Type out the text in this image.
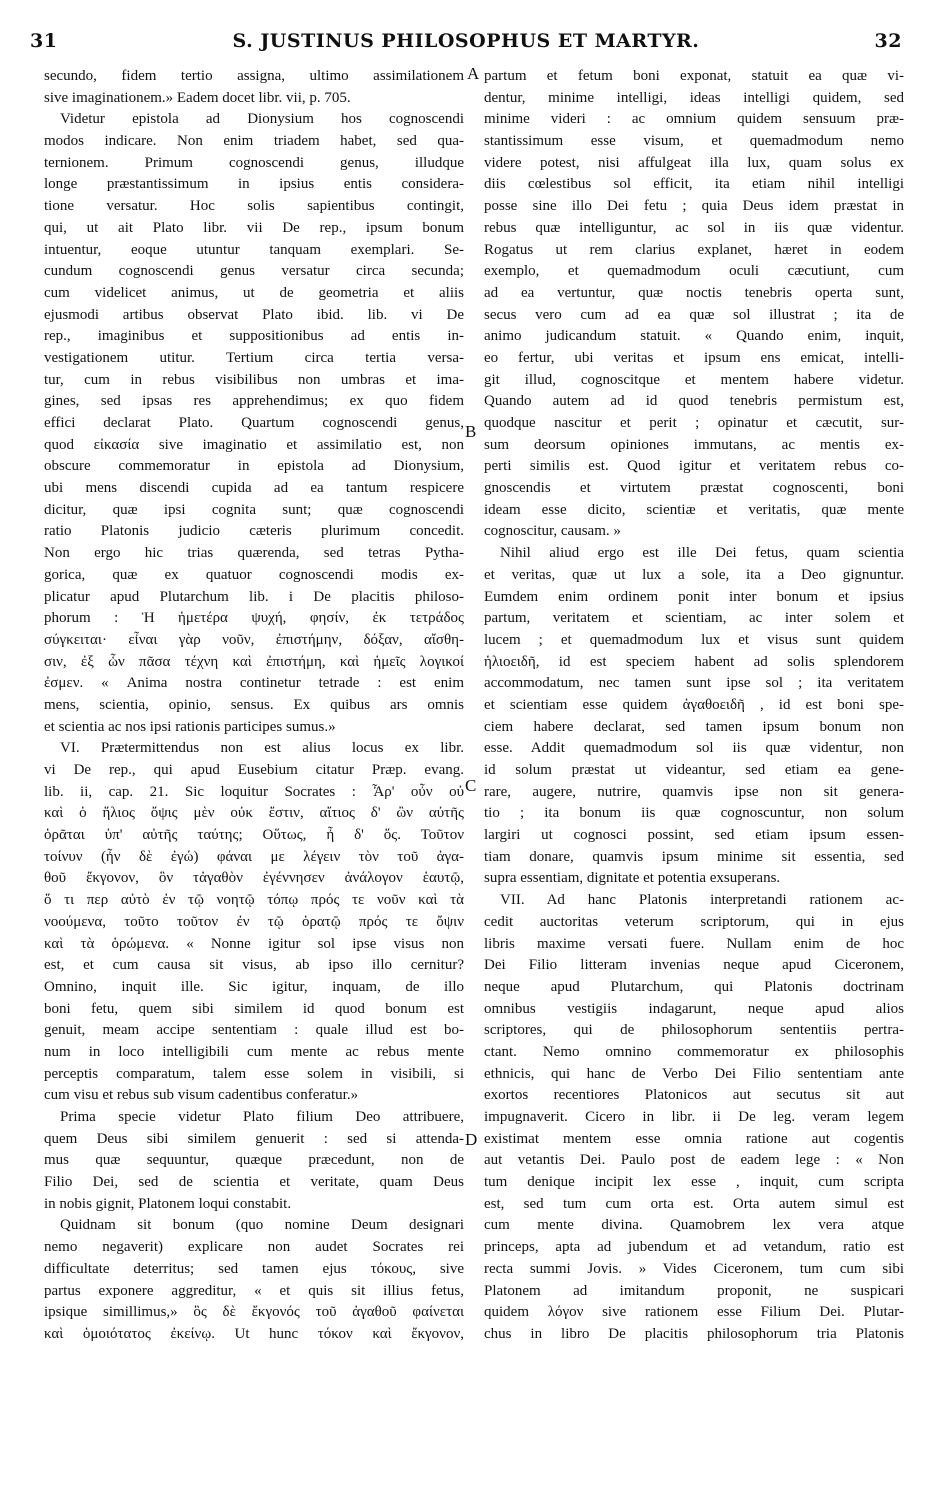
31	S. JUSTINUS PHILOSOPHUS ET MARTYR.	32
secundo, fidem tertio assigna, ultimo assimilationem
sive imaginationem.» Eadem docet libr. vii, p. 705.
Videtur epistola ad Dionysium hos cognoscendi
modos indicare. Non enim triadem habet, sed qua-
ternionem. Primum cognoscendi genus, illudque
longe præstantissimum in ipsius entis considera-
tione versatur. Hoc solis sapientibus contingit,
qui, ut ait Plato libr. vii De rep., ipsum bonum
intuentur, eoque utuntur tanquam exemplari. Se-
cundum cognoscendi genus versatur circa secunda;
cum videlicet animus, ut de geometria et aliis
ejusmodi artibus observat Plato ibid. lib. vi De
rep., imaginibus et suppositionibus ad entis in-
vestigationem utitur. Tertium circa tertia versa-
tur, cum in rebus visibilibus non umbras et ima-
gines, sed ipsas res apprehendimus; ex quo fidem
effici declarat Plato. Quartum cognoscendi genus,
quod εἰκασία sive imaginatio et assimilatio est, non
obscure commemoratur in epistola ad Dionysium,
ubi mens discendi cupida ad ea tantum respicere
dicitur, quæ ipsi cognita sunt; quæ cognoscendi
ratio Platonis judicio cæteris plurimum concedit.
Non ergo hic trias quærenda, sed tetras Pytha-
gorica, quæ ex quatuor cognoscendi modis ex-
plicatur apud Plutarchum lib. i De placitis philoso-
phorum : Ἡ ἡμετέρα ψυχή, φησίν, ἐκ τετράδος
σύγκειται· εἶναι γὰρ νοῦν, ἐπιστήμην, δόξαν, αἴσθη-
σιν, ἐξ ὧν πᾶσα τέχνη καὶ ἐπιστήμη, καὶ ἡμεῖς λογικοί
ἐσμεν. « Anima nostra continetur tetrade : est enim
mens, scientia, opinio, sensus. Ex quibus ars omnis
et scientia ac nos ipsi rationis participes sumus.»
VI. Prætermittendus non est alius locus ex libr.
vi De rep., qui apud Eusebium citatur Præp. evang.
lib. ii, cap. 21. Sic loquitur Socrates : Ἆρ' οὖν οὐ
καὶ ὁ ἥλιος ὄψις μὲν οὐκ ἔστιν, αἴτιος δ' ὢν αὐτῆς
ὁρᾶται ὑπ' αὐτῆς ταύτης; Οὕτως, ἦ δ' ὅς. Τοῦτον
τοίνυν (ἦν δὲ ἐγώ) φάναι με λέγειν τὸν τοῦ ἀγα-
θοῦ ἔκγονον, ὃν τἀγαθὸν ἐγέννησεν ἀνάλογον ἑαυτῷ,
ὅ τι περ αὐτὸ ἐν τῷ νοητῷ τόπῳ πρός τε νοῦν καὶ τὰ
νοούμενα, τοῦτο τοῦτον ἐν τῷ ὁρατῷ πρός τε ὄψιν
καὶ τὰ ὁρώμενα. « Nonne igitur sol ipse visus non
est, et cum causa sit visus, ab ipso illo cernitur?
Omnino, inquit ille. Sic igitur, inquam, de illo
boni fetu, quem sibi similem id quod bonum est
genuit, meam accipe sententiam : quale illud est bo-
num in loco intelligibili cum mente ac rebus mente
perceptis comparatum, talem esse solem in visibili, si
cum visu et rebus sub visum cadentibus conferatur.»
Prima specie videtur Plato filium Deo attribuere,
quem Deus sibi similem genuerit : sed si attenda-
mus quæ sequuntur, quæque præcedunt, non de
Filio Dei, sed de scientia et veritate, quam Deus
in nobis gignit, Platonem loqui constabit.
Quidnam sit bonum (quo nomine Deum designari
nemo negaverit) explicare non audet Socrates rei
difficultate deterritus; sed tamen ejus τόκους, sive
partus exponere aggreditur, « et quis sit illius fetus,
ipsique simillimus,» ὃς δὲ ἔκγονός τοῦ ἀγαθοῦ φαίνεται
καὶ ὁμοιότατος ἐκείνῳ. Ut hunc τόκον καὶ ἔκγονον,
partum et fetum boni exponat, statuit ea quæ vi-
dentur, minime intelligi, ideas intelligi quidem, sed
minime videri : ac omnium quidem sensuum præ-
stantissimum esse visum, et quemadmodum nemo
videre potest, nisi affulgeat illa lux, quam solus ex
diis cœlestibus sol efficit, ita etiam nihil intelligi
posse sine illo Dei fetu ; quia Deus idem præstat in
rebus quæ intelliguntur, ac sol in iis quæ videntur.
Rogatus ut rem clarius explanet, hæret in eodem
exemplo, et quemadmodum oculi cæcutiunt, cum
ad ea vertuntur, quæ noctis tenebris operta sunt,
secus vero cum ad ea quæ sol illustrat ; ita de
animo judicandum statuit. « Quando enim, inquit,
eo fertur, ubi veritas et ipsum ens emicat, intelli-
git illud, cognoscitque et mentem habere videtur.
Quando autem ad id quod tenebris permistum est,
quodque nascitur et perit ; opinatur et cæcutit, sur-
sum deorsum opiniones immutans, ac mentis ex-
perti similis est. Quod igitur et veritatem rebus co-
gnoscendis et virtutem præstat cognoscenti, boni
ideam esse dicito, scientiæ et veritatis, quæ mente
cognoscitur, causam. »
Nihil aliud ergo est ille Dei fetus, quam scientia
et veritas, quæ ut lux a sole, ita a Deo gignuntur.
Eumdem enim ordinem ponit inter bonum et ipsius
partum, veritatem et scientiam, ac inter solem et
lucem ; et quemadmodum lux et visus sunt quidem
ἡλιοειδῆ, id est speciem habent ad solis splendorem
accommodatum, nec tamen sunt ipse sol ; ita veritatem
et scientiam esse quidem ἀγαθοειδῆ , id est boni spe-
ciem habere declarat, sed tamen ipsum bonum non
esse. Addit quemadmodum sol iis quæ videntur, non
id solum præstat ut videantur, sed etiam ea gene-
rare, augere, nutrire, quamvis ipse non sit genera-
tio ; ita bonum iis quæ cognoscuntur, non solum
largiri ut cognosci possint, sed etiam ipsum essen-
tiam donare, quamvis ipsum minime sit essentia, sed
supra essentiam, dignitate et potentia exsuperans.
VII. Ad hanc Platonis interpretandi rationem ac-
cedit auctoritas veterum scriptorum, qui in ejus
libris maxime versati fuere. Nullam enim de hoc
Dei Filio litteram invenias neque apud Ciceronem,
neque apud Plutarchum, qui Platonis doctrinam
omnibus vestigiis indagarunt, neque apud alios
scriptores, qui de philosophorum sententiis pertra-
ctant. Nemo omnino commemoratur ex philosophis
ethnicis, qui hanc de Verbo Dei Filio sententiam ante
exortos recentiores Platonicos aut secutus sit aut
impugnaverit. Cicero in libr. ii De leg. veram legem
existimat mentem esse omnia ratione aut cogentis
aut vetantis Dei. Paulo post de eadem lege : « Non
tum denique incipit lex esse , inquit, cum scripta
est, sed tum cum orta est. Orta autem simul est
cum mente divina. Quamobrem lex vera atque
princeps, apta ad jubendum et ad vetandum, ratio est
recta summi Jovis. » Vides Ciceronem, tum cum sibi
Platonem ad imitandum proponit, ne suspicari
quidem λόγον sive rationem esse Filium Dei. Plutar-
chus in libro De placitis philosophorum tria Platonis
A
B
C
D
